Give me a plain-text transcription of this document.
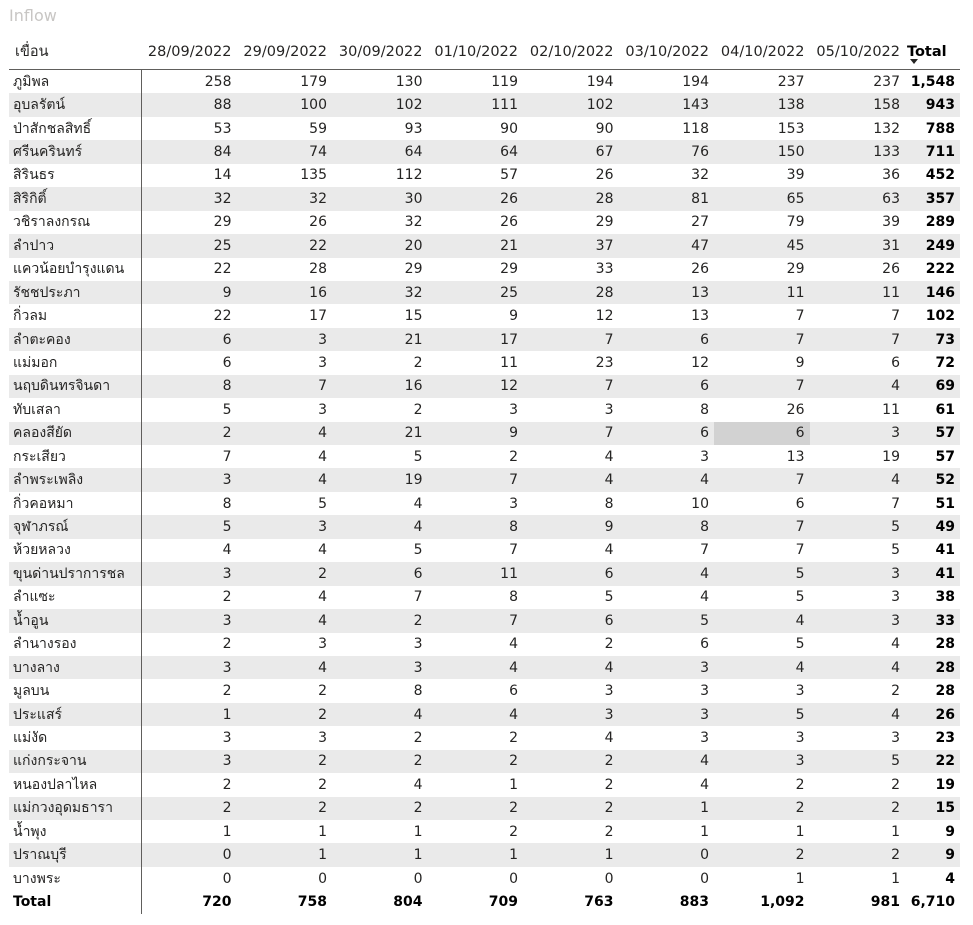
Inflow
เขื่อน	28/09/2022	29/09/2022	30/09/2022	01/10/2022	02/10/2022	03/10/2022	04/10/2022	05/10/2022	Total

ภูมิพล	258	179	130	119	194	194	237	237	1,548
อุบลรัตน์	88	100	102	111	102	143	138	158	943
ป่าสักชลสิทธิ์	53	59	93	90	90	118	153	132	788
ศรีนครินทร์	84	74	64	64	67	76	150	133	711
สิรินธร	14	135	112	57	26	32	39	36	452
สิริกิติ์	32	32	30	26	28	81	65	63	357
วชิราลงกรณ	29	26	32	26	29	27	79	39	289
ลำปาว	25	22	20	21	37	47	45	31	249
แควน้อยบำรุงแดน	22	28	29	29	33	26	29	26	222
รัชชประภา	9	16	32	25	28	13	11	11	146
กิ่วลม	22	17	15	9	12	13	7	7	102
ลำตะคอง	6	3	21	17	7	6	7	7	73
แม่มอก	6	3	2	11	23	12	9	6	72
นฤบดินทรจินดา	8	7	16	12	7	6	7	4	69
ทับเสลา	5	3	2	3	3	8	26	11	61
คลองสียัด	2	4	21	9	7	6	6	3	57
กระเสียว	7	4	5	2	4	3	13	19	57
ลำพระเพลิง	3	4	19	7	4	4	7	4	52
กิ่วคอหมา	8	5	4	3	8	10	6	7	51
จุฬาภรณ์	5	3	4	8	9	8	7	5	49
ห้วยหลวง	4	4	5	7	4	7	7	5	41
ขุนด่านปราการชล	3	2	6	11	6	4	5	3	41
ลำแซะ	2	4	7	8	5	4	5	3	38
น้ำอูน	3	4	2	7	6	5	4	3	33
ลำนางรอง	2	3	3	4	2	6	5	4	28
บางลาง	3	4	3	4	4	3	4	4	28
มูลบน	2	2	8	6	3	3	3	2	28
ประแสร์	1	2	4	4	3	3	5	4	26
แม่งัด	3	3	2	2	4	3	3	3	23
แก่งกระจาน	3	2	2	2	2	4	3	5	22
หนองปลาไหล	2	2	4	1	2	4	2	2	19
แม่กวงอุดมธารา	2	2	2	2	2	1	2	2	15
น้ำพุง	1	1	1	2	2	1	1	1	9
ปราณบุรี	0	1	1	1	1	0	2	2	9
บางพระ	0	0	0	0	0	0	1	1	4
Total	720	758	804	709	763	883	1,092	981	6,710
